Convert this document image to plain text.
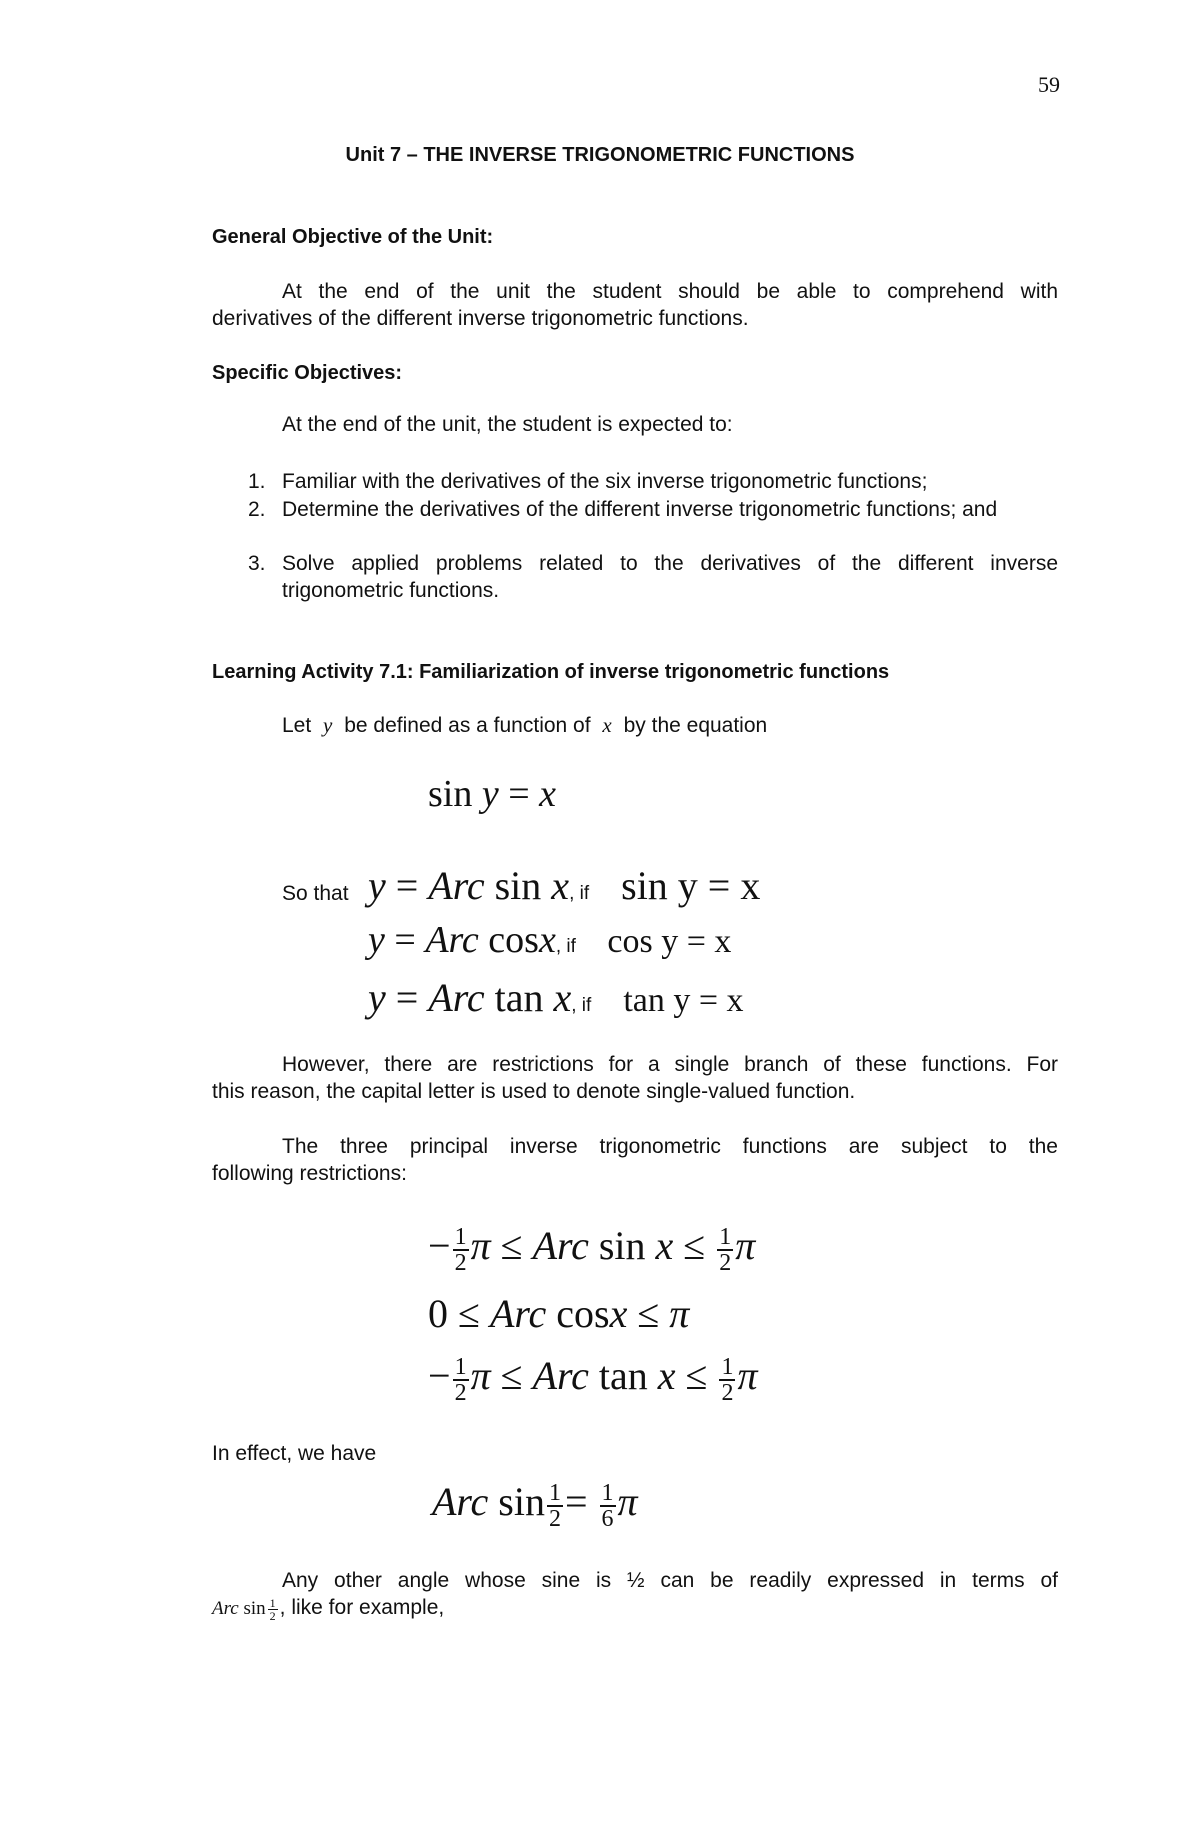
59
Unit 7 – THE INVERSE TRIGONOMETRIC FUNCTIONS
General Objective of the Unit:
At the end of the unit the student should be able to comprehend with
derivatives of the different inverse trigonometric functions.
Specific Objectives:
At the end of the unit, the student is expected to:
1. Familiar with the derivatives of the six inverse trigonometric functions;
2. Determine the derivatives of the different inverse trigonometric functions; and
3. Solve applied problems related to the derivatives of the different inverse trigonometric functions.
Learning Activity 7.1: Familiarization of inverse trigonometric functions
Let y be defined as a function of x by the equation
sin y = x
So that y = Arc sin x, if sin y = x
y = Arc cosx, if cos y = x
y = Arc tan x, if tan y = x
However, there are restrictions for a single branch of these functions. For
this reason, the capital letter is used to denote single-valued function.
The three principal inverse trigonometric functions are subject to the
following restrictions:
− $\frac{1}{2}$ π ≤ Arc $\sin x \le \frac{1}{2}$ π
0 ≤ Arc cosx ≤ π
− $\frac{1}{2}$ π ≤ Arc $\tan x \le \frac{1}{2}$ π
In effect, we have
Arc $\sin \frac{1}{2} = \frac{1}{6}$ π
Any other angle whose sine is ½ can be readily expressed in terms of
Arc $\sin \frac{1}{2}$ , like for example,
